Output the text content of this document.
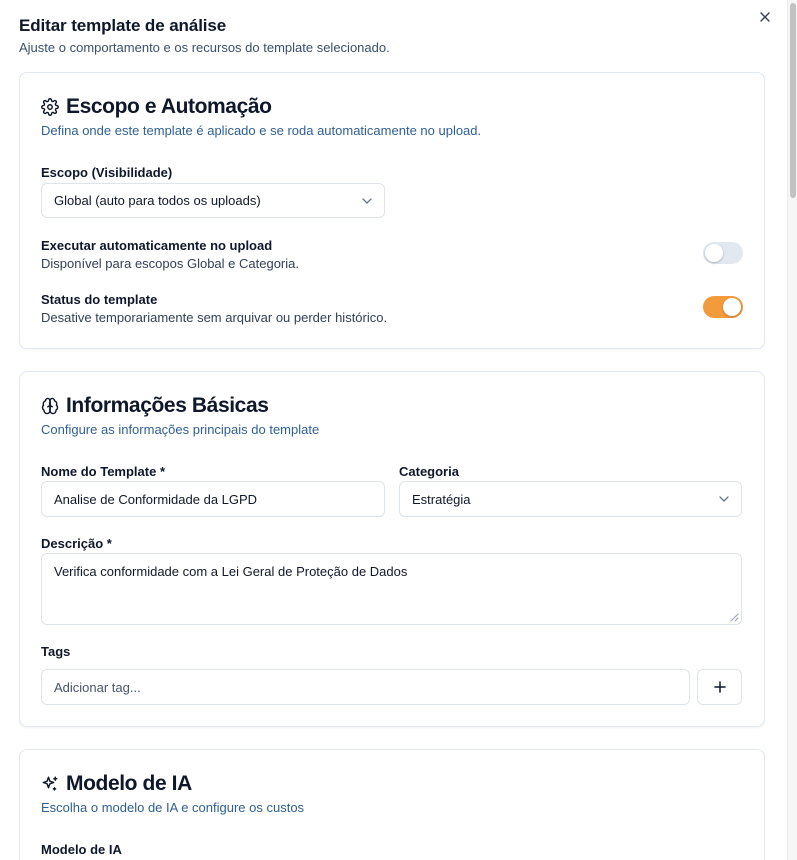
Editar template de análise
Ajuste o comportamento e os recursos do template selecionado.
Escopo e Automação
Defina onde este template é aplicado e se roda automaticamente no upload.
Escopo (Visibilidade)
Global (auto para todos os uploads)
Executar automaticamente no upload
Disponível para escopos Global e Categoria.
Status do template
Desative temporariamente sem arquivar ou perder histórico.
Informações Básicas
Configure as informações principais do template
Nome do Template *
Analise de Conformidade da LGPD
Categoria
Estratégia
Descrição *
Verifica conformidade com a Lei Geral de Proteção de Dados
Tags
Adicionar tag...
Modelo de IA
Escolha o modelo de IA e configure os custos
Modelo de IA
